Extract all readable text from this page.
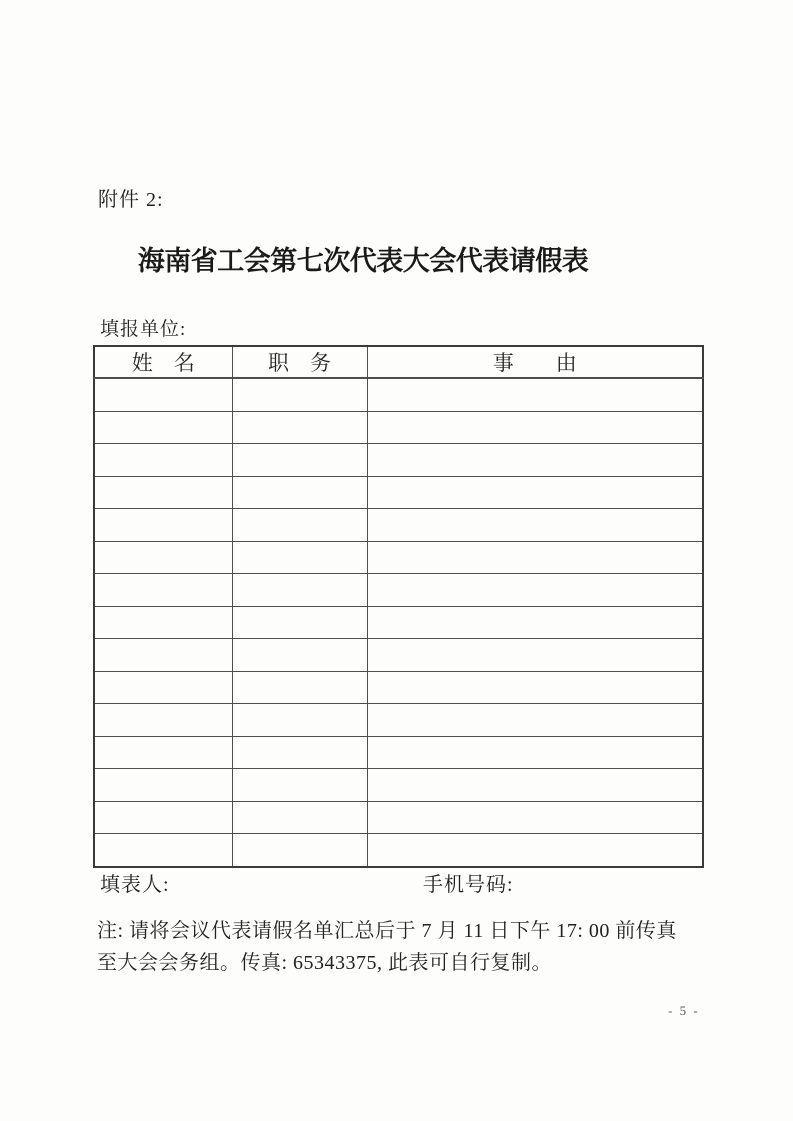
附件 2:
海南省工会第七次代表大会代表请假表
填报单位:
姓　名	职　务	事　　由

填表人:	手机号码:
注: 请将会议代表请假名单汇总后于 7 月 11 日下午 17: 00 前传真
至大会会务组。传真: 65343375, 此表可自行复制。
- 5 -
